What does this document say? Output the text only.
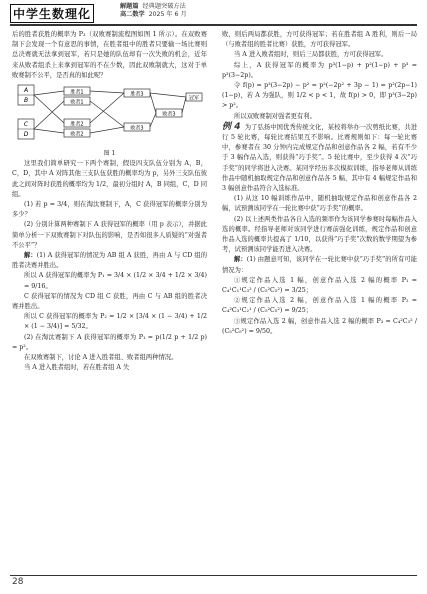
中学生数理化
解题篇 经典题突破方法
高二数学 2025 年 6 月

后的胜者获胜的概率为 P₃（双败赛制流程图如图 1 所示）。在双败赛制下会发现一个有意思的事情，在胜者组中的胜者只要输一场比赛则总决赛就无法拿到冠军，若只是她的队伍却有一次失败的机会，近年来从败者组杀上来拿到冠军的不在少数，因此双败制就大，这对于单败赛制不公平，是否真的如此呢？

A
B
C
D
胜者1
败者1
胜者2
败者2
胜者3
败者3
败者3
冠军

图 1

这里我们简单研究一下两个赛制，假设四支队伍分别为 A，B，C，D，其中 A 对阵其他三支队伍获胜的概率均为 p，另外三支队伍彼此之间对阵时获胜的概率均为 1/2，最初分组时 A，B 同组，C，D 同组。

(1) 若 p = 3/4，则在淘汰赛制下，A，C 获得冠军的概率分别为多少？

(2) 分别计算两种赛制下 A 获得冠军的概率（用 p 表示），并据此简单分析一下双败赛制下对队伍的影响，是否如很多人质疑的“对强者不公平”？

解：(1) A 获得冠军的情况为 AB 组 A 获胜，再由 A 与 CD 组的胜者决赛并胜出。

所以 A 获得冠军的概率为 P₁ = 3/4 × (1/2 × 3/4 + 1/2 × 3/4) = 9/16。

C 获得冠军的情况为 CD 组 C 获胜，再由 C 与 AB 组的胜者决赛并胜出。

所以 C 获得冠军的概率为 P₂ = 1/2 × [3/4 × (1 − 3/4) + 1/2 × (1 − 3/4)] = 5/32。

(2) 在淘汰赛制下 A 获得冠军的概率为 P₁ = p(1/2 p + 1/2 p) = p²。

在双败赛制下，讨论 A 进入胜者组、败者组两种情况。

当 A 进入胜者组时，若在胜者组 A 失

败，则后两局都获胜，方可获得冠军；若在胜者组 A 胜利，则后一局（与败者组的胜者比赛）获胜，方可获得冠军。

当 A 进入败者组时，则后三局都获胜，方可获得冠军。

综上，A 获得冠军的概率为 p³(1−p) + p²(1−p) + p³ = p³(3−2p)。

令 f(p) = p³(3−2p) − p² = p²(−2p² + 3p − 1) = p²(2p−1)(1−p)，若 A 为强队，则 1/2 < p < 1，故 f(p) > 0，即 p³(3−2p) > p²。

所以双败赛制对强者更有利。

例 4 为了弘扬中国优秀传统文化，某校将举办一次剪纸比赛，共进行 5 轮比赛，每轮比赛结果互不影响。比赛规则如下：每一轮比赛中，参赛者在 30 分钟内完成规定作品和创意作品各 2 幅，若有不少于 3 幅作品入选，则获得“巧手奖”。5 轮比赛中，至少获得 4 次“巧手奖”的同学将进入决赛。某同学经历多次模拟训练，指导老师从训练作品中随机抽取规定作品和创意作品各 5 幅，其中有 4 幅规定作品和 3 幅创意作品符合入选标准。

(1) 从这 10 幅训练作品中，随机抽取规定作品和创意作品各 2 幅，试预测该同学在一轮比赛中获“巧手奖”的概率。

(2) 以上述两类作品各自入选的频率作为该同学参赛时每幅作品入选的概率。经指导老师对该同学进行赛前强化训练，规定作品和创意作品入选的概率共提高了 1/10，以获得“巧手奖”次数的数学期望为参考，试预测该同学能否进入决赛。

解：(1) 由题意可知，该同学在一轮比赛中获“巧手奖”的所有可能情况为：

①规定作品入选 1 幅，创意作品入选 2 幅的概率 P₁ = C₄¹C₁¹C₃² / (C₅²C₅²) = 3/25；

②规定作品入选 2 幅，创意作品入选 1 幅的概率 P₂ = C₄²C₃¹C₂¹ / (C₅²C₅²) = 9/25；

③规定作品入选 2 幅，创意作品入选 2 幅的概率 P₃ = C₄²C₃² / (C₅²C₅²) = 9/50。

28
